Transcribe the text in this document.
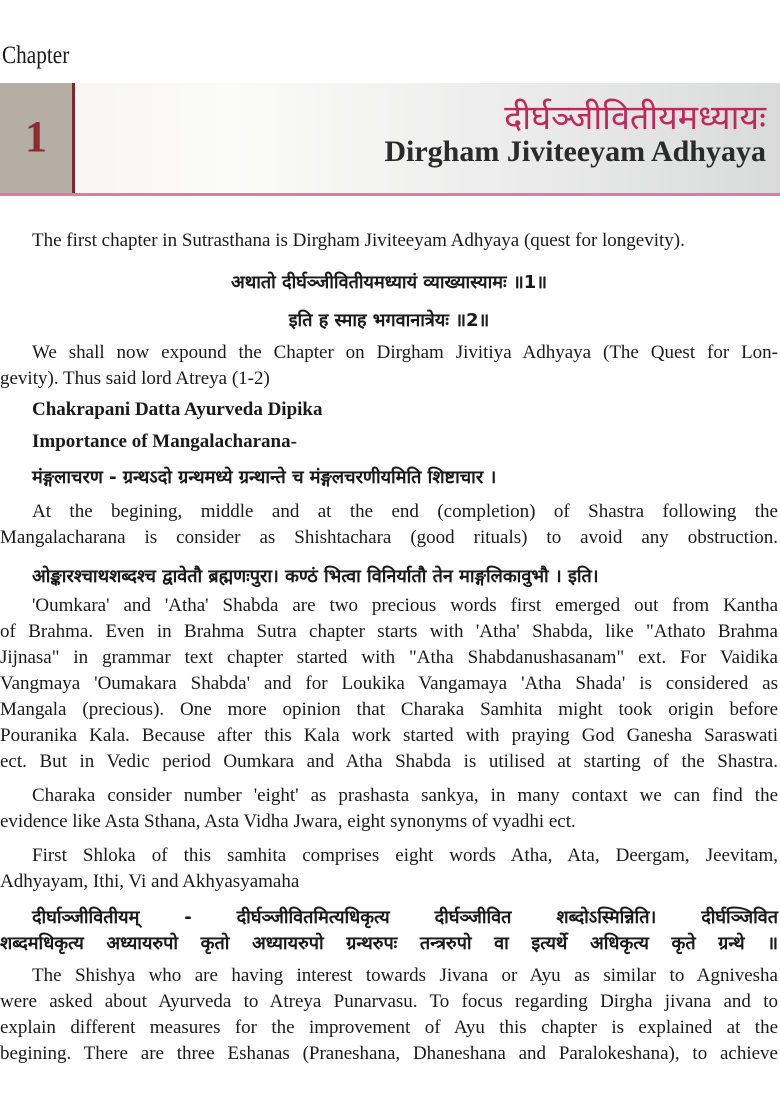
Chapter
1	दीर्घञ्जीवितीयमध्यायः
Dirgham Jiviteeyam Adhyaya
The first chapter in Sutrasthana is Dirgham Jiviteeyam Adhyaya (quest for longevity).
अथातो दीर्घञ्जीवितीयमध्यायं व्याख्यास्यामः ॥1॥
इति ह स्माह भगवानात्रेयः ॥2॥
We shall now expound the Chapter on Dirgham Jivitiya Adhyaya (The Quest for Lon-
gevity). Thus said lord Atreya (1-2)
Chakrapani Datta Ayurveda Dipika
Importance of Mangalacharana-
मंङ्गलाचरण - ग्रन्थऽदो ग्रन्थमध्ये ग्रन्थान्ते च मंङ्गलचरणीयमिति शिष्टाचार ।
At the begining, middle and at the end (completion) of Shastra following the
Mangalacharana is consider as Shishtachara (good rituals) to avoid any obstruction.
ओङ्कारश्चाथशब्दश्च द्वावेतौ ब्रह्मणःपुरा। कण्ठं भित्वा विनिर्यातौ तेन माङ्गलिकावुभौ । इति।
'Oumkara' and 'Atha' Shabda are two precious words first emerged out from Kantha
of Brahma. Even in Brahma Sutra chapter starts with 'Atha' Shabda, like "Athato Brahma
Jijnasa" in grammar text chapter started with "Atha Shabdanushasanam" ext. For Vaidika
Vangmaya 'Oumakara Shabda' and for Loukika Vangamaya 'Atha Shada' is considered as
Mangala (precious). One more opinion that Charaka Samhita might took origin before
Pouranika Kala. Because after this Kala work started with praying God Ganesha Saraswati
ect. But in Vedic period Oumkara and Atha Shabda is utilised at starting of the Shastra.
Charaka consider number 'eight' as prashasta sankya, in many contaxt we can find the
evidence like Asta Sthana, Asta Vidha Jwara, eight synonyms of vyadhi ect.
First Shloka of this samhita comprises eight words Atha, Ata, Deergam, Jeevitam,
Adhyayam, Ithi, Vi and Akhyasyamaha
दीर्घाञ्जीवितीयम् - दीर्घञ्जीवितमित्यधिकृत्य दीर्घञ्जीवित शब्दोऽस्मिन्निति। दीर्घञ्जिवित
शब्दमधिकृत्य अध्यायरुपो कृतो अध्यायरुपो ग्रन्थरुपः तन्त्ररुपो वा इत्यर्थे अधिकृत्य कृते ग्रन्थे ॥
The Shishya who are having interest towards Jivana or Ayu as similar to Agnivesha
were asked about Ayurveda to Atreya Punarvasu. To focus regarding Dirgha jivana and to
explain different measures for the improvement of Ayu this chapter is explained at the
begining. There are three Eshanas (Praneshana, Dhaneshana and Paralokeshana), to achieve
